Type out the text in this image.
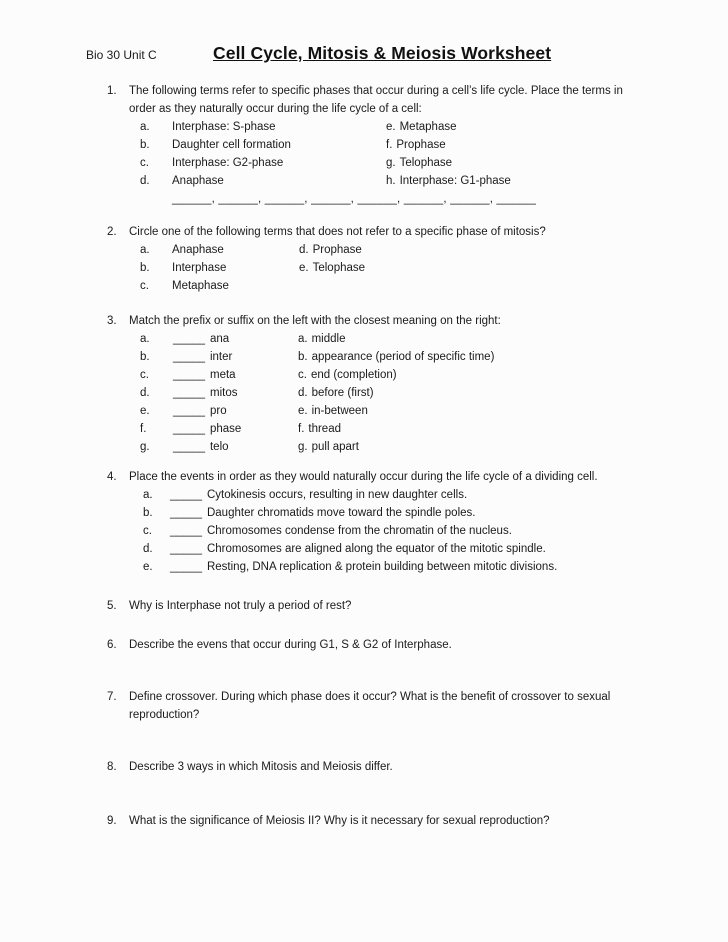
Bio 30 Unit C	Cell Cycle, Mitosis & Meiosis Worksheet
1.	The following terms refer to specific phases that occur during a cell’s life cycle. Place the terms in order as they naturally occur during the life cycle of a cell:
a.	Interphase: S-phase	e. Metaphase
b.	Daughter cell formation	f. Prophase
c.	Interphase: G2-phase	g. Telophase
d.	Anaphase	h. Interphase: G1-phase
______, ______, ______, ______, ______, ______, ______, ______
2.	Circle one of the following terms that does not refer to a specific phase of mitosis?
a.	Anaphase	d. Prophase
b.	Interphase	e. Telophase
c.	Metaphase
3.	Match the prefix or suffix on the left with the closest meaning on the right:
a.	_____ ana	a. middle
b.	_____ inter	b. appearance (period of specific time)
c.	_____ meta	c. end (completion)
d.	_____ mitos	d. before (first)
e.	_____ pro	e. in-between
f.	_____ phase	f. thread
g.	_____ telo	g. pull apart
4.	Place the events in order as they would naturally occur during the life cycle of a dividing cell.
a.	_____ Cytokinesis occurs, resulting in new daughter cells.
b.	_____ Daughter chromatids move toward the spindle poles.
c.	_____ Chromosomes condense from the chromatin of the nucleus.
d.	_____ Chromosomes are aligned along the equator of the mitotic spindle.
e.	_____ Resting, DNA replication & protein building between mitotic divisions.
5.	Why is Interphase not truly a period of rest?
6.	Describe the evens that occur during G1, S & G2 of Interphase.
7.	Define crossover. During which phase does it occur? What is the benefit of crossover to sexual reproduction?
8.	Describe 3 ways in which Mitosis and Meiosis differ.
9.	What is the significance of Meiosis II? Why is it necessary for sexual reproduction?
